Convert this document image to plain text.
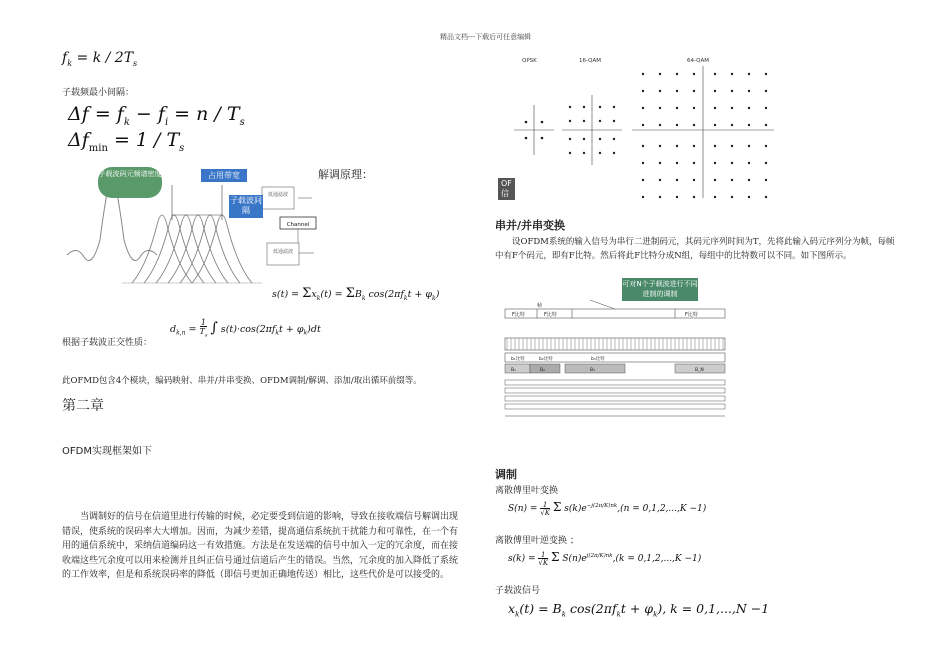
精品文档---下载后可任意编辑
$f_k = k / 2T_s$
子载频最小间隔：
$\Delta f = f_k - f_i = n / T_s$
$\Delta f_{min} = 1 / T_s$
低通滤波
Channel
低通滤波
子载波码元频谱密度	占用带宽
子载波间隔
解调原理：
$s(t) = \Sigma x_k(t) = \Sigma B_k$ $\cos(2\pi f_kt + \varphi_k)$
$d_{k,n} = 1$
$T_s$ ∫ $s(t)\cdot\cos(2\pi f_kt + \varphi_k)dt$
根据子载波正交性质：
此OFMD包含4个模块，编码映射、串并/并串变换、OFDM调制/解调、添加/取出循环前缀等。
第二章
OFDM实现框架如下
当调制好的信号在信道里进行传输的时候，必定要受到信道的影响，导致在接收端信号解调出现错误，使系统的误码率大大增加。因而，为减少差错，提高通信系统抗干扰能力和可靠性，在一个有用的通信系统中，采纳信道编码这一有效措施。方法是在发送端的信号中加入一定的冗余度，而在接收端这些冗余度可以用来检测并且纠正信号通过信道后产生的错误。当然，冗余度的加入降低了系统的工作效率，但是和系统误码率的降低（即信号更加正确地传送）相比，这些代价是可以接受的。
QPSK	16-QAM	64-QAM
OF
信
串并/并串变换
设OFDM系统的输入信号为串行二进制码元，其码元序列时间为T，先将此输入码元序列分为帧，每帧中有F个码元，即有F比特。然后将此F比特分成N组，每组中的比特数可以不同。如下图所示。
可对N个子载波进行不同进制的调制
帧
F比特	F比特	F比特
b₁比特	b₂比特	b₃比特
B₁	B₂	B₃	B_N
调制
离散傅里叶变换
S(n) = 1
√K Σ $s(k)e^{-j(2\pi/K)nk},(n = 0,1,2,...,K -1)$
离散傅里叶逆变换 ；
s(k) = 1
√K Σ $S(n)e^{j(2\pi/K)nk},(k = 0,1,2,...,K -1)$
子载波信号
$x_k(t) = B_k$ $\cos(2\pi f_kt + \varphi_k)$, k = 0,1,...,N −1
